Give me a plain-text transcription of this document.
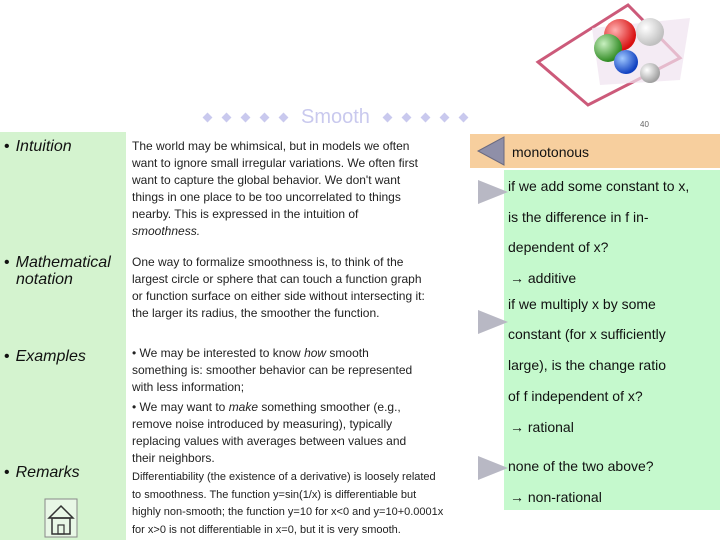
Smooth	40
• Intuition
• Mathematical
notation
• Examples
• Remarks
The world may be whimsical, but in models we often
want to ignore small irregular variations. We often first
want to capture the global behavior. We don't want
things in one place to be too uncorrelated to things
nearby. This is expressed in the intuition of
smoothness.
One way to formalize smoothness is, to think of the
largest circle or sphere that can touch a function graph
or function surface on either side without intersecting it:
the larger its radius, the smoother the function.
• We may be interested to know how smooth
something is: smoother behavior can be represented
with less information;
• We may want to make something smoother (e.g.,
remove noise introduced by measuring), typically
replacing values with averages between values and
their neighbors.
Differentiability (the existence of a derivative) is loosely related
to smoothness. The function y=sin(1/x) is differentiable but
highly non-smooth; the function y=10 for x<0 and y=10+0.0001x
for x>0 is not differentiable in x=0, but it is very smooth.
monotonous
if we add some constant to x,
is the difference in f in-
dependent of x?
→ additive
if we multiply x by some
constant (for x sufficiently
large), is the change ratio
of f independent of x?
→ rational
none of the two above?
→ non-rational
